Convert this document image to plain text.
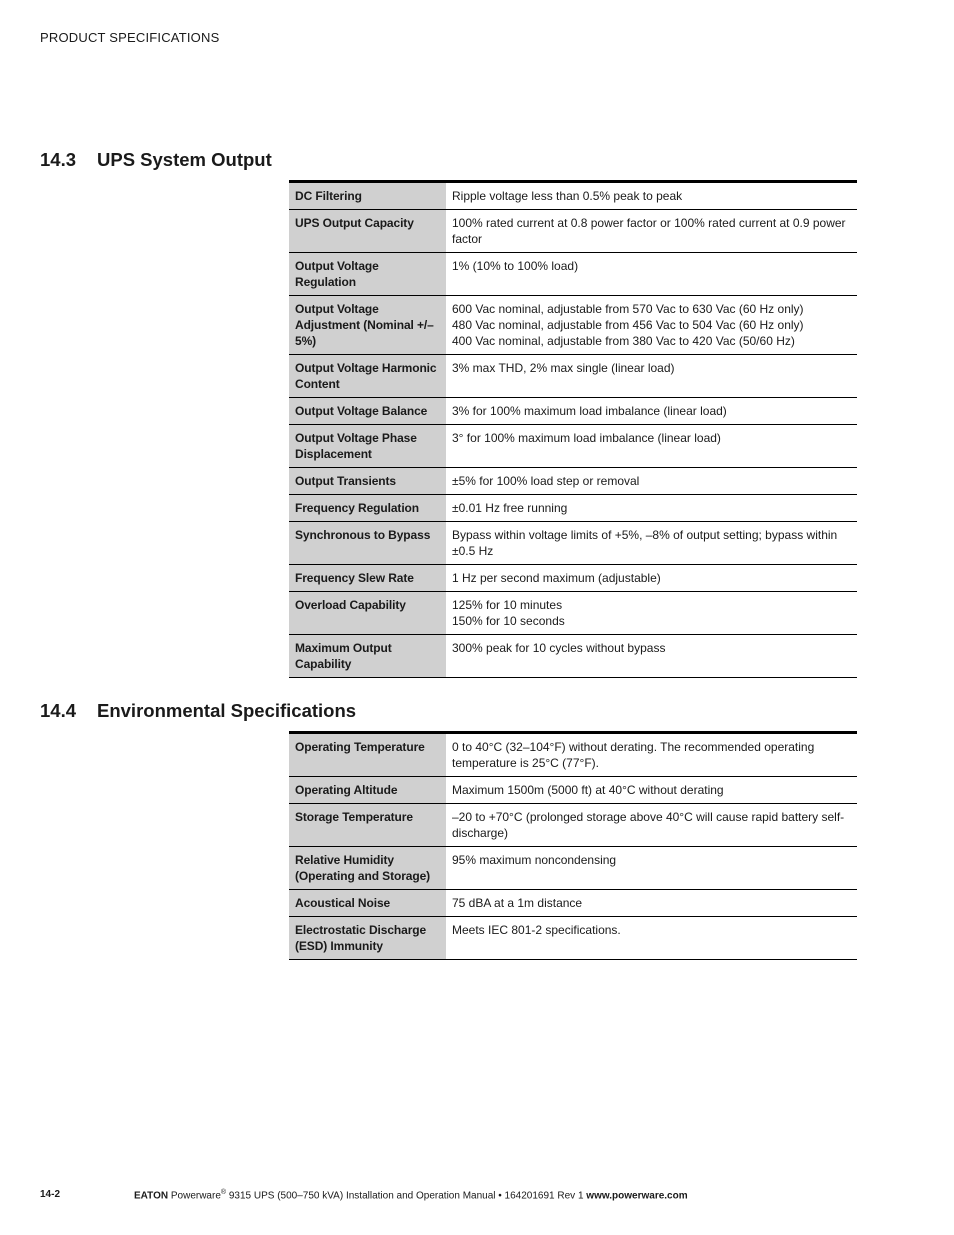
PRODUCT SPECIFICATIONS
14.3 UPS System Output
DC Filtering	Ripple voltage less than 0.5% peak to peak

UPS Output Capacity	100% rated current at 0.8 power factor or 100% rated current at 0.9 power factor

Output Voltage Regulation	1% (10% to 100% load)

Output Voltage Adjustment (Nominal +/–5%)	600 Vac nominal, adjustable from 570 Vac to 630 Vac (60 Hz only)
480 Vac nominal, adjustable from 456 Vac to 504 Vac (60 Hz only)
400 Vac nominal, adjustable from 380 Vac to 420 Vac (50/60 Hz)

Output Voltage Harmonic Content	3% max THD, 2% max single (linear load)

Output Voltage Balance	3% for 100% maximum load imbalance (linear load)

Output Voltage Phase Displacement	3° for 100% maximum load imbalance (linear load)

Output Transients	±5% for 100% load step or removal

Frequency Regulation	±0.01 Hz free running

Synchronous to Bypass	Bypass within voltage limits of +5%, –8% of output setting; bypass within ±0.5 Hz

Frequency Slew Rate	1 Hz per second maximum (adjustable)

Overload Capability	125% for 10 minutes
150% for 10 seconds

Maximum Output Capability	300% peak for 10 cycles without bypass
14.4 Environmental Specifications
Operating Temperature	0 to 40°C (32–104°F) without derating. The recommended operating temperature is 25°C (77°F).

Operating Altitude	Maximum 1500m (5000 ft) at 40°C without derating

Storage Temperature	–20 to +70°C (prolonged storage above 40°C will cause rapid battery self-discharge)

Relative Humidity (Operating and Storage)	95% maximum noncondensing

Acoustical Noise	75 dBA at a 1m distance

Electrostatic Discharge (ESD) Immunity	Meets IEC 801-2 specifications.
14-2	EATON Powerware® 9315 UPS (500–750 kVA) Installation and Operation Manual • 164201691 Rev 1 www.powerware.com
